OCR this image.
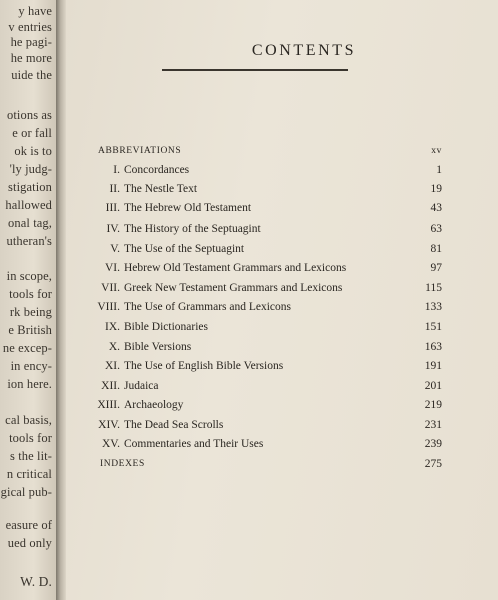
y have
v entries
he pagi-
he more
uide the
otions as
e or fall
ok is to
'ly judg-
stigation
hallowed
onal tag,
utheran's
in scope,
tools for
rk being
e British
ne excep-
in ency-
ion here.
cal basis,
tools for
s the lit-
n critical
gical pub-
easure of
ued only
W. D.
CONTENTS
ABBREVIATIONS	xv
I. Concordances	1
II. The Nestle Text	19
III. The Hebrew Old Testament	43
IV. The History of the Septuagint	63
V. The Use of the Septuagint	81
VI. Hebrew Old Testament Grammars and Lexicons	97
VII. Greek New Testament Grammars and Lexicons	115
VIII. The Use of Grammars and Lexicons	133
IX. Bible Dictionaries	151
X. Bible Versions	163
XI. The Use of English Bible Versions	191
XII. Judaica	201
XIII. Archaeology	219
XIV. The Dead Sea Scrolls	231
XV. Commentaries and Their Uses	239
INDEXES	275
